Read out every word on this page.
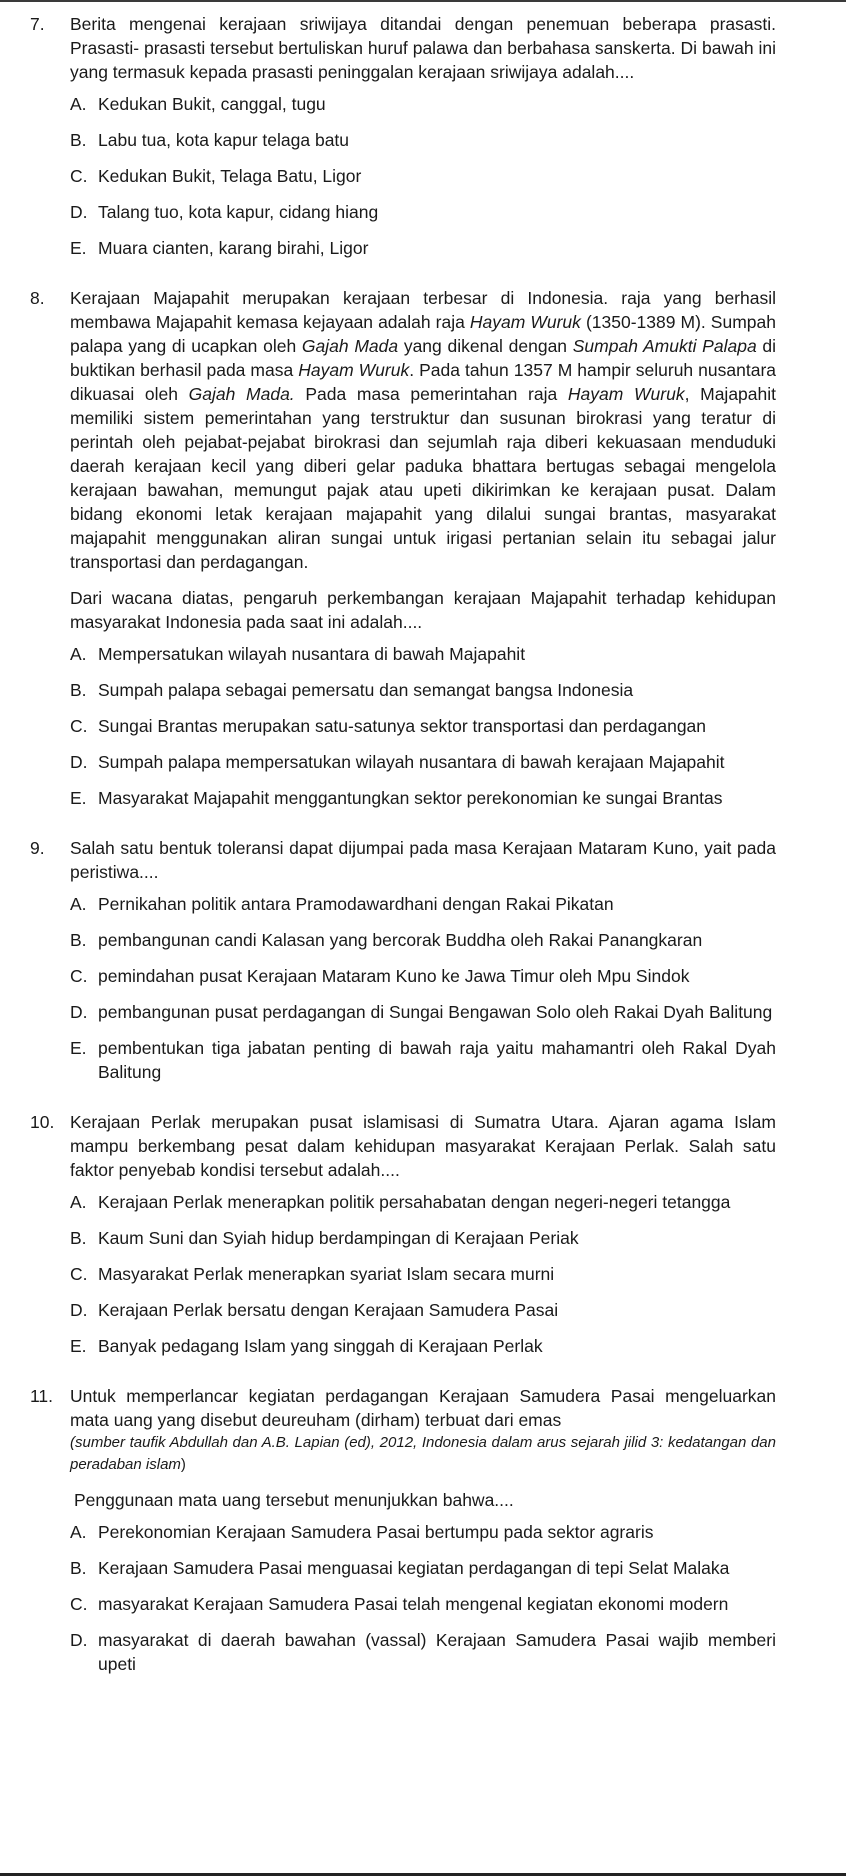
7.	Berita mengenai kerajaan sriwijaya ditandai dengan penemuan beberapa prasasti. Prasasti- prasasti tersebut bertuliskan huruf palawa dan berbahasa sanskerta. Di bawah ini yang termasuk kepada prasasti peninggalan kerajaan sriwijaya adalah....

A. Kedukan Bukit, canggal, tugu
B. Labu tua, kota kapur telaga batu
C. Kedukan Bukit, Telaga Batu, Ligor
D. Talang tuo, kota kapur, cidang hiang
E. Muara cianten, karang birahi, Ligor
8.	Kerajaan Majapahit merupakan kerajaan terbesar di Indonesia. raja yang berhasil membawa Majapahit kemasa kejayaan adalah raja Hayam Wuruk (1350-1389 M). Sumpah palapa yang di ucapkan oleh Gajah Mada yang dikenal dengan Sumpah Amukti Palapa di buktikan berhasil pada masa Hayam Wuruk. Pada tahun 1357 M hampir seluruh nusantara dikuasai oleh Gajah Mada. Pada masa pemerintahan raja Hayam Wuruk, Majapahit memiliki sistem pemerintahan yang terstruktur dan susunan birokrasi yang teratur di perintah oleh pejabat-pejabat birokrasi dan sejumlah raja diberi kekuasaan menduduki daerah kerajaan kecil yang diberi gelar paduka bhattara bertugas sebagai mengelola kerajaan bawahan, memungut pajak atau upeti dikirimkan ke kerajaan pusat. Dalam bidang ekonomi letak kerajaan majapahit yang dilalui sungai brantas, masyarakat majapahit menggunakan aliran sungai untuk irigasi pertanian selain itu sebagai jalur transportasi dan perdagangan.

Dari wacana diatas, pengaruh perkembangan kerajaan Majapahit terhadap kehidupan masyarakat Indonesia pada saat ini adalah....

A. Mempersatukan wilayah nusantara di bawah Majapahit
B. Sumpah palapa sebagai pemersatu dan semangat bangsa Indonesia
C. Sungai Brantas merupakan satu-satunya sektor transportasi dan perdagangan
D. Sumpah palapa mempersatukan wilayah nusantara di bawah kerajaan Majapahit
E. Masyarakat Majapahit menggantungkan sektor perekonomian ke sungai Brantas
9.	Salah satu bentuk toleransi dapat dijumpai pada masa Kerajaan Mataram Kuno, yait pada peristiwa....

A. Pernikahan politik antara Pramodawardhani dengan Rakai Pikatan
B. pembangunan candi Kalasan yang bercorak Buddha oleh Rakai Panangkaran
C. pemindahan pusat Kerajaan Mataram Kuno ke Jawa Timur oleh Mpu Sindok
D. pembangunan pusat perdagangan di Sungai Bengawan Solo oleh Rakai Dyah Balitung
E. pembentukan tiga jabatan penting di bawah raja yaitu mahamantri oleh Rakal Dyah Balitung
10. Kerajaan Perlak merupakan pusat islamisasi di Sumatra Utara. Ajaran agama Islam mampu berkembang pesat dalam kehidupan masyarakat Kerajaan Perlak. Salah satu faktor penyebab kondisi tersebut adalah....

A. Kerajaan Perlak menerapkan politik persahabatan dengan negeri-negeri tetangga
B. Kaum Suni dan Syiah hidup berdampingan di Kerajaan Periak
C. Masyarakat Perlak menerapkan syariat Islam secara murni
D. Kerajaan Perlak bersatu dengan Kerajaan Samudera Pasai
E. Banyak pedagang Islam yang singgah di Kerajaan Perlak
11. Untuk memperlancar kegiatan perdagangan Kerajaan Samudera Pasai mengeluarkan mata uang yang disebut deureuham (dirham) terbuat dari emas

(sumber taufik Abdullah dan A.B. Lapian (ed), 2012, Indonesia dalam arus sejarah jilid 3: kedatangan dan peradaban islam)

Penggunaan mata uang tersebut menunjukkan bahwa....

A. Perekonomian Kerajaan Samudera Pasai bertumpu pada sektor agraris
B. Kerajaan Samudera Pasai menguasai kegiatan perdagangan di tepi Selat Malaka
C. masyarakat Kerajaan Samudera Pasai telah mengenal kegiatan ekonomi modern
D. masyarakat di daerah bawahan (vassal) Kerajaan Samudera Pasai wajib memberi upeti
